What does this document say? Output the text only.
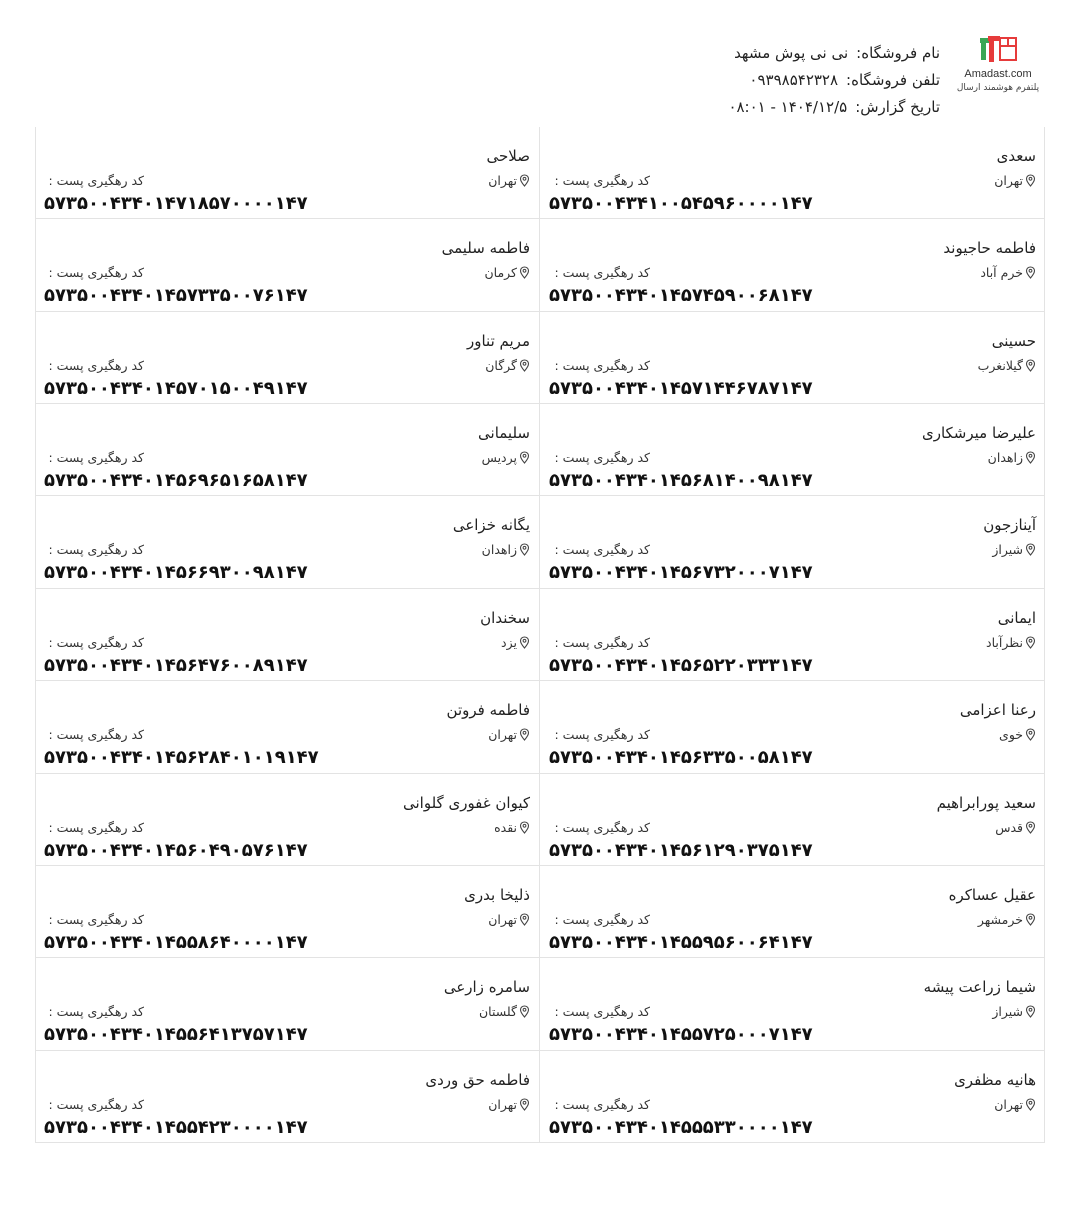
Amadast.com
پلتفرم هوشمند ارسال
نام فروشگاه:نی نی پوش مشهد
تلفن فروشگاه:۰۹۳۹۸۵۴۲۳۲۸
تاریخ گزارش:۱۴۰۴/۱۲/۵ - ۰۸:۰۱
سعدی
تهران
کد رهگیری پست :
۵۷۳۵۰۰۴۳۴۱۰۰۵۴۵۹۶۰۰۰۰۱۴۷
صلاحی
تهران
کد رهگیری پست :
۵۷۳۵۰۰۴۳۴۰۱۴۷۱۸۵۷۰۰۰۰۱۴۷
فاطمه حاجیوند
خرم آباد
کد رهگیری پست :
۵۷۳۵۰۰۴۳۴۰۱۴۵۷۴۵۹۰۰۶۸۱۴۷
فاطمه سلیمی
کرمان
کد رهگیری پست :
۵۷۳۵۰۰۴۳۴۰۱۴۵۷۳۳۵۰۰۷۶۱۴۷
حسینی
گیلانغرب
کد رهگیری پست :
۵۷۳۵۰۰۴۳۴۰۱۴۵۷۱۴۴۶۷۸۷۱۴۷
مریم تناور
گرگان
کد رهگیری پست :
۵۷۳۵۰۰۴۳۴۰۱۴۵۷۰۱۵۰۰۴۹۱۴۷
علیرضا میرشکاری
زاهدان
کد رهگیری پست :
۵۷۳۵۰۰۴۳۴۰۱۴۵۶۸۱۴۰۰۹۸۱۴۷
سلیمانی
پردیس
کد رهگیری پست :
۵۷۳۵۰۰۴۳۴۰۱۴۵۶۹۶۵۱۶۵۸۱۴۷
آیناز‌جون
شیراز
کد رهگیری پست :
۵۷۳۵۰۰۴۳۴۰۱۴۵۶۷۳۲۰۰۰۷۱۴۷
یگانه خزاعی
زاهدان
کد رهگیری پست :
۵۷۳۵۰۰۴۳۴۰۱۴۵۶۶۹۳۰۰۹۸۱۴۷
ایمانی
نظرآباد
کد رهگیری پست :
۵۷۳۵۰۰۴۳۴۰۱۴۵۶۵۲۲۰۳۳۳۱۴۷
سخندان
یزد
کد رهگیری پست :
۵۷۳۵۰۰۴۳۴۰۱۴۵۶۴۷۶۰۰۸۹۱۴۷
رعنا اعزامی
خوی
کد رهگیری پست :
۵۷۳۵۰۰۴۳۴۰۱۴۵۶۳۳۵۰۰۵۸۱۴۷
فاطمه فروتن
تهران
کد رهگیری پست :
۵۷۳۵۰۰۴۳۴۰۱۴۵۶۲۸۴۰۱۰۱۹۱۴۷
سعید پورابراهیم
قدس
کد رهگیری پست :
۵۷۳۵۰۰۴۳۴۰۱۴۵۶۱۲۹۰۳۷۵۱۴۷
کیوان غفوری گلوانی
نقده
کد رهگیری پست :
۵۷۳۵۰۰۴۳۴۰۱۴۵۶۰۴۹۰۵۷۶۱۴۷
عقیل عساکره
خرمشهر
کد رهگیری پست :
۵۷۳۵۰۰۴۳۴۰۱۴۵۵۹۵۶۰۰۶۴۱۴۷
ذلیخا بدری
تهران
کد رهگیری پست :
۵۷۳۵۰۰۴۳۴۰۱۴۵۵۸۶۴۰۰۰۰۱۴۷
شیما زراعت پیشه
شیراز
کد رهگیری پست :
۵۷۳۵۰۰۴۳۴۰۱۴۵۵۷۲۵۰۰۰۷۱۴۷
سامره زارعی
گلستان
کد رهگیری پست :
۵۷۳۵۰۰۴۳۴۰۱۴۵۵۶۴۱۳۷۵۷۱۴۷
هانیه مظفری
تهران
کد رهگیری پست :
۵۷۳۵۰۰۴۳۴۰۱۴۵۵۵۳۳۰۰۰۰۱۴۷
فاطمه حق وردی
تهران
کد رهگیری پست :
۵۷۳۵۰۰۴۳۴۰۱۴۵۵۴۲۳۰۰۰۰۱۴۷
